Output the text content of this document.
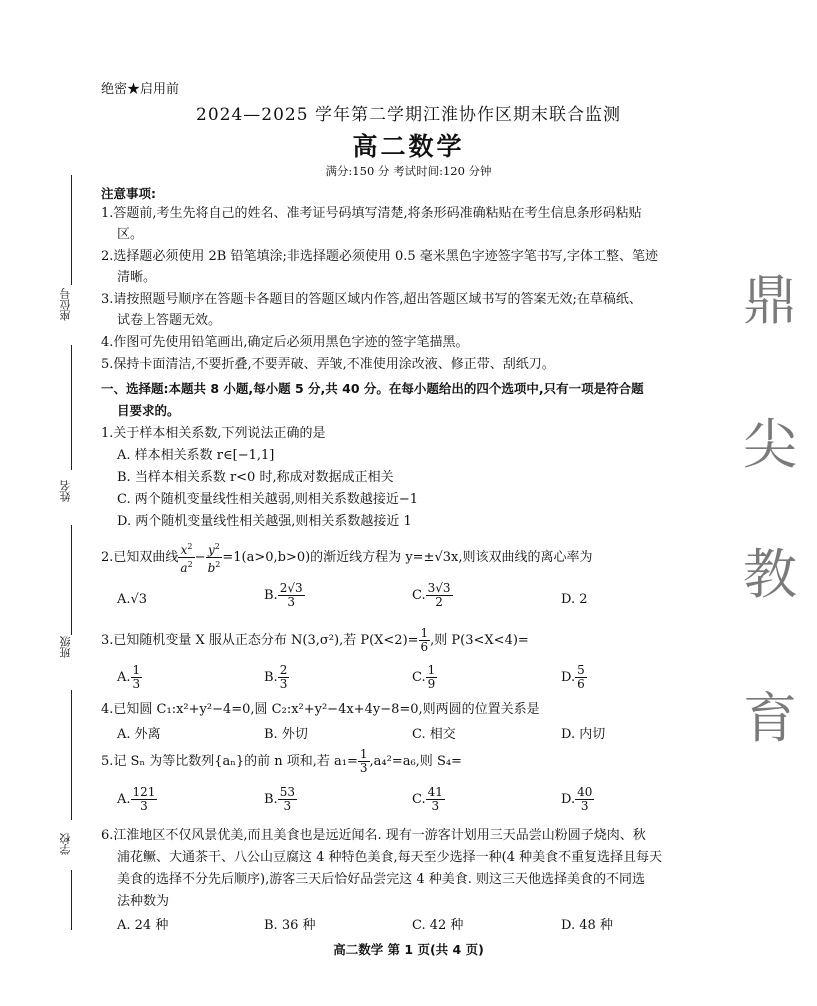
绝密★启用前
2024—2025 学年第二学期江淮协作区期末联合监测
高二数学
满分:150 分 考试时间:120 分钟
注意事项:
1.答题前,考生先将自己的姓名、准考证号码填写清楚,将条形码准确粘贴在考生信息条形码粘贴
区。
2.选择题必须使用 2B 铅笔填涂;非选择题必须使用 0.5 毫米黑色字迹签字笔书写,字体工整、笔迹
清晰。
3.请按照题号顺序在答题卡各题目的答题区域内作答,超出答题区域书写的答案无效;在草稿纸、
试卷上答题无效。
4.作图可先使用铅笔画出,确定后必须用黑色字迹的签字笔描黑。
5.保持卡面清洁,不要折叠,不要弄破、弄皱,不准使用涂改液、修正带、刮纸刀。
一、选择题:本题共 8 小题,每小题 5 分,共 40 分。在每小题给出的四个选项中,只有一项是符合题
目要求的。
1.关于样本相关系数,下列说法正确的是
A. 样本相关系数 r∈[−1,1]
B. 当样本相关系数 r<0 时,称成对数据成正相关
C. 两个随机变量线性相关越弱,则相关系数越接近−1
D. 两个随机变量线性相关越强,则相关系数越接近 1
2.已知双曲线 $\frac{x^2}{a^2} - \frac{y^2}{b^2} =1(a>0,b>0)$的渐近线方程为 y=±√3x,则该双曲线的离心率为
A.√3	B. $\frac{2√3}{3}$	C. $\frac{3√3}{2}$	D. 2
3.已知随机变量 X 服从正态分布 N(3,σ²),若 $P(X<2)= \frac{1}{6}$ ,则 P(3<X<4)=
A. $\frac{1}{3}$	B. $\frac{2}{3}$	C. $\frac{1}{9}$	D. $\frac{5}{6}$
4.已知圆 C₁:x²+y²−4=0,圆 C₂:x²+y²−4x+4y−8=0,则两圆的位置关系是
A. 外离	B. 外切	C. 相交	D. 内切
5.记 Sₙ 为等比数列{aₙ}的前 n 项和,若 $a_1= \frac{1}{3} ,a_4^2=a_6$,则 S₄=
A. $\frac{121}{3}$	B. $\frac{53}{3}$	C. $\frac{41}{3}$	D. $\frac{40}{3}$
6.江淮地区不仅风景优美,而且美食也是远近闻名. 现有一游客计划用三天品尝山粉圆子烧肉、秋
浦花鳜、大通茶干、八公山豆腐这 4 种特色美食,每天至少选择一种(4 种美食不重复选择且每天
美食的选择不分先后顺序),游客三天后恰好品尝完这 4 种美食. 则这三天他选择美食的不同选
法种数为
A. 24 种	B. 36 种	C. 42 种	D. 48 种
座位号
姓名
班级
学校
鼎
尖
教
育
高二数学 第 1 页(共 4 页)
